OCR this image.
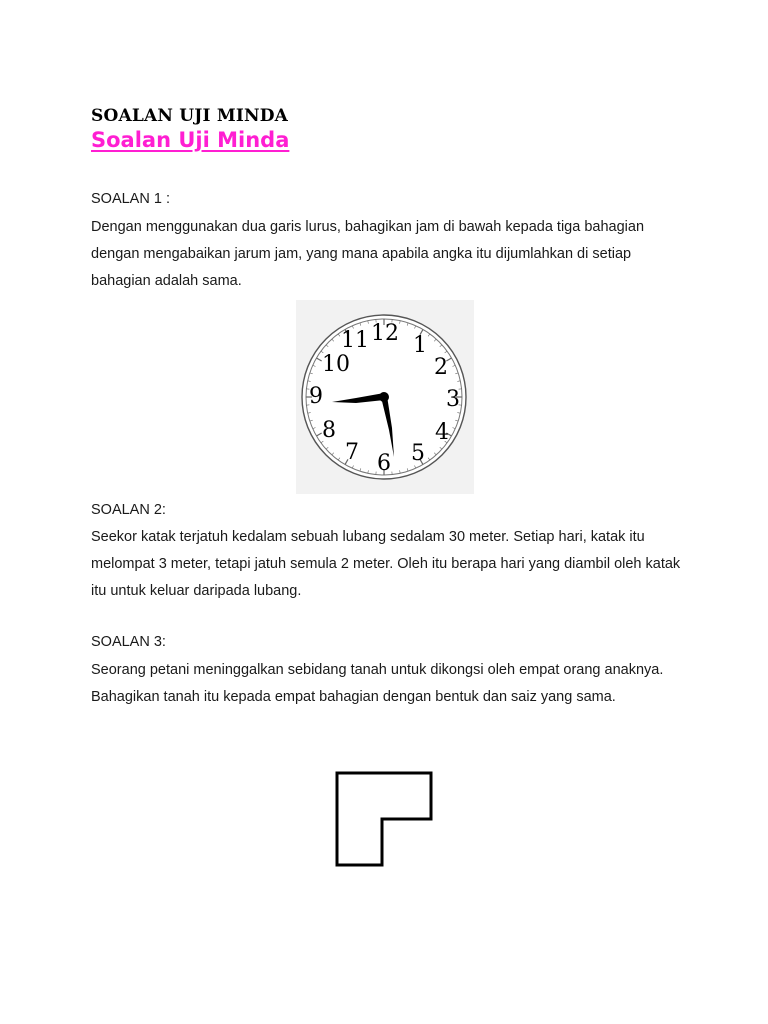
SOALAN UJI MINDA
Soalan Uji Minda
SOALAN 1 :
Dengan menggunakan dua garis lurus, bahagikan jam di bawah kepada tiga bahagian dengan mengabaikan jarum jam, yang mana apabila angka itu dijumlahkan di setiap bahagian adalah sama.
12 1
2
3
4
5
6
7
8
9
10
11
SOALAN 2:
Seekor katak terjatuh kedalam sebuah lubang sedalam 30 meter. Setiap hari, katak itu melompat 3 meter, tetapi jatuh semula 2 meter. Oleh itu berapa hari yang diambil oleh katak itu untuk keluar daripada lubang.
SOALAN 3:
Seorang petani meninggalkan sebidang tanah untuk dikongsi oleh empat orang anaknya. Bahagikan tanah itu kepada empat bahagian dengan bentuk dan saiz yang sama.
